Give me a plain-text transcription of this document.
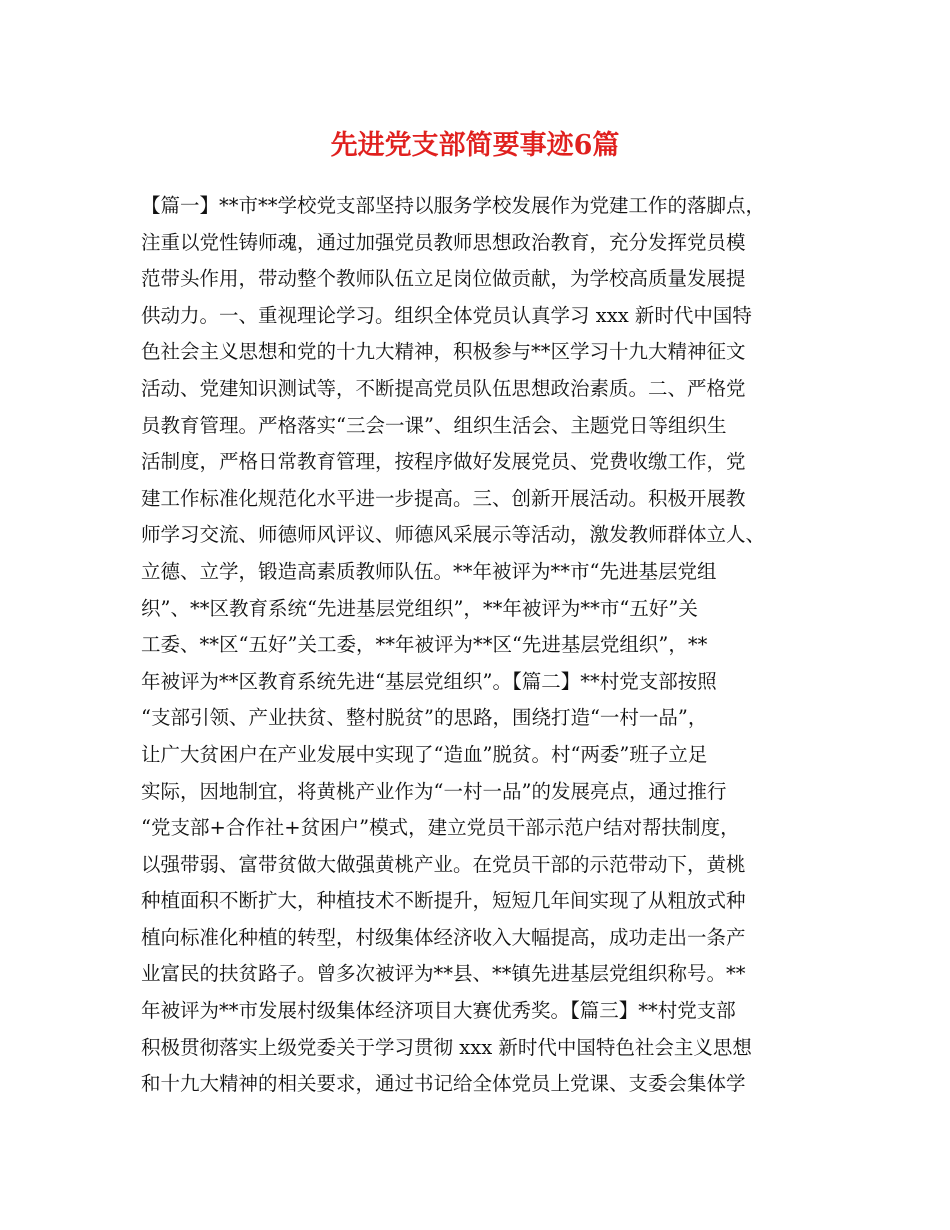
先进党支部简要事迹6篇
【篇一】**市**学校党支部坚持以服务学校发展作为党建工作的落脚点，
注重以党性铸师魂，通过加强党员教师思想政治教育，充分发挥党员模
范带头作用，带动整个教师队伍立足岗位做贡献，为学校高质量发展提
供动力。一、重视理论学习。组织全体党员认真学习 xxx 新时代中国特
色社会主义思想和党的十九大精神，积极参与**区学习十九大精神征文
活动、党建知识测试等，不断提高党员队伍思想政治素质。二、严格党
员教育管理。严格落实“三会一课”、组织生活会、主题党日等组织生
活制度，严格日常教育管理，按程序做好发展党员、党费收缴工作，党
建工作标准化规范化水平进一步提高。三、创新开展活动。积极开展教
师学习交流、师德师风评议、师德风采展示等活动，激发教师群体立人、
立德、立学，锻造高素质教师队伍。**年被评为**市“先进基层党组
织”、**区教育系统“先进基层党组织”，**年被评为**市“五好”关
工委、**区“五好”关工委，**年被评为**区“先进基层党组织”，**
年被评为**区教育系统先进“基层党组织”。【篇二】**村党支部按照
“支部引领、产业扶贫、整村脱贫”的思路，围绕打造“一村一品”，
让广大贫困户在产业发展中实现了“造血”脱贫。村“两委”班子立足
实际，因地制宜，将黄桃产业作为“一村一品”的发展亮点，通过推行
“党支部+合作社+贫困户”模式，建立党员干部示范户结对帮扶制度，
以强带弱、富带贫做大做强黄桃产业。在党员干部的示范带动下，黄桃
种植面积不断扩大，种植技术不断提升，短短几年间实现了从粗放式种
植向标准化种植的转型，村级集体经济收入大幅提高，成功走出一条产
业富民的扶贫路子。曾多次被评为**县、**镇先进基层党组织称号。**
年被评为**市发展村级集体经济项目大赛优秀奖。【篇三】**村党支部
积极贯彻落实上级党委关于学习贯彻 xxx 新时代中国特色社会主义思想
和十九大精神的相关要求，通过书记给全体党员上党课、支委会集体学
